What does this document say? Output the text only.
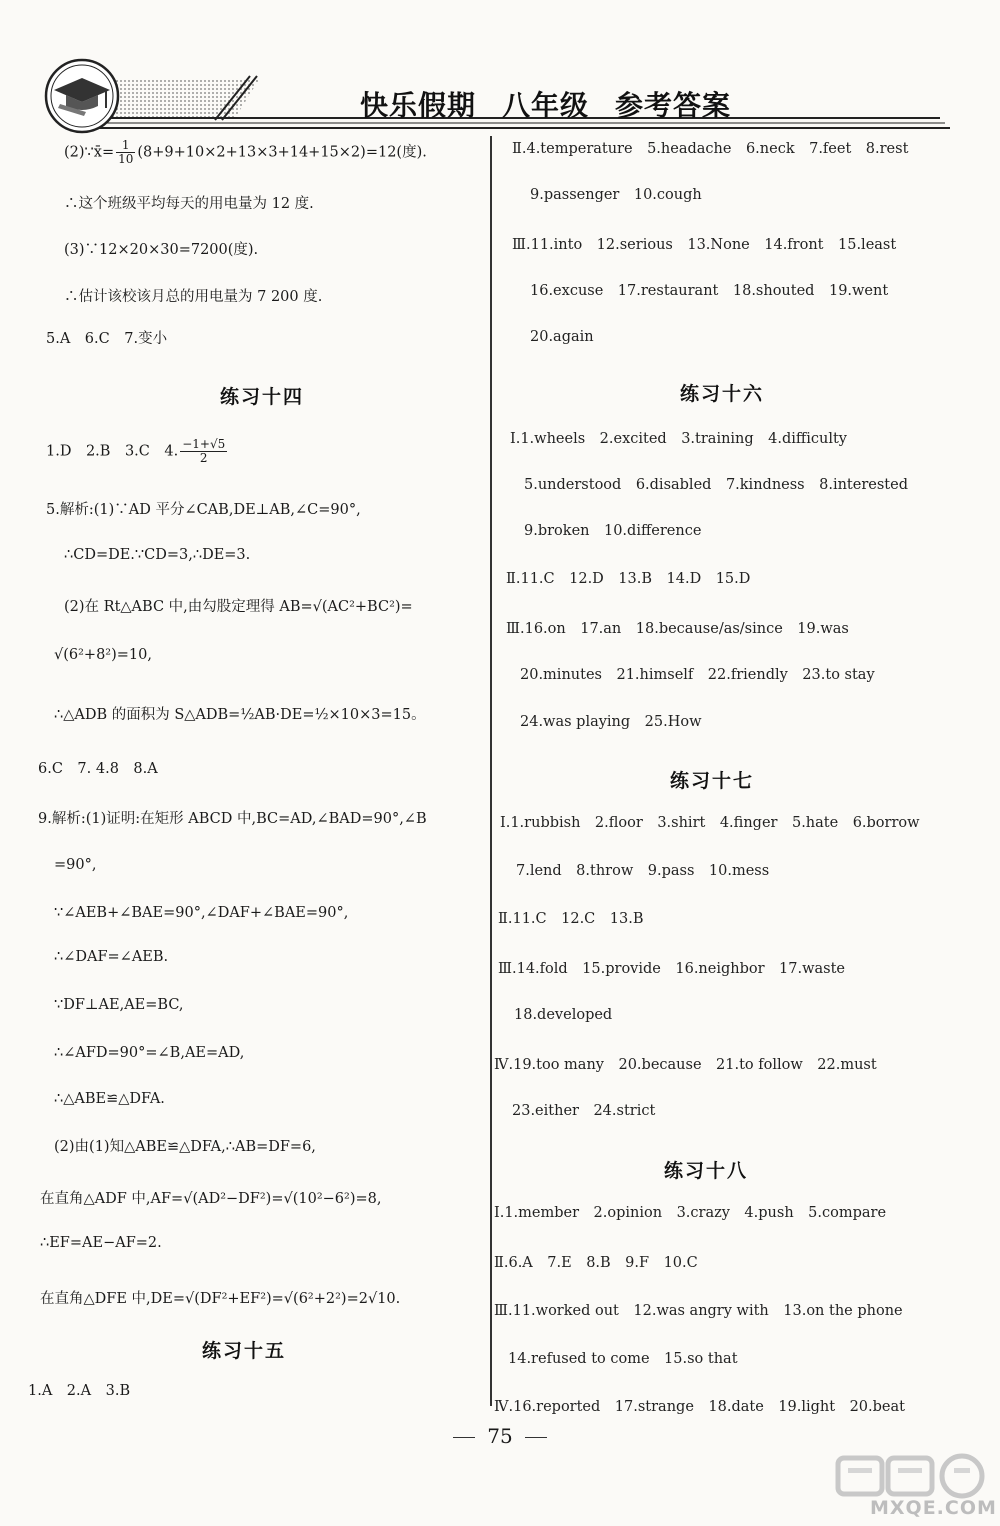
快乐假期 八年级 参考答案
(2)∵x̄= $\frac{1}{10} (8+9+10\times 2+13\times 3+14+15\times 2)=12$(度).
∴这个班级平均每天的用电量为 12 度.
(3)∵12×20×30=7200(度).
∴估计该校该月总的用电量为 7 200 度.
5.A　6.C　7.变小
练习十四
1.D　2.B　3.C　4. $\frac{-1+√5}{2}$
5.解析:(1)∵AD 平分∠CAB,DE⊥AB,∠C=90°,
∴CD=DE.∵CD=3,∴DE=3.
(2)在 Rt△ABC 中,由勾股定理得 AB=√(AC²+BC²)=
√(6²+8²)=10,
∴△ADB 的面积为 S△ADB=½AB·DE=½×10×3=15。
6.C　7. 4.8　8.A
9.解析:(1)证明:在矩形 ABCD 中,BC=AD,∠BAD=90°,∠B
=90°,
∵∠AEB+∠BAE=90°,∠DAF+∠BAE=90°,
∴∠DAF=∠AEB.
∵DF⊥AE,AE=BC,
∴∠AFD=90°=∠B,AE=AD,
∴△ABE≌△DFA.
(2)由(1)知△ABE≌△DFA,∴AB=DF=6,
在直角△ADF 中,AF=√(AD²−DF²)=√(10²−6²)=8,
∴EF=AE−AF=2.
在直角△DFE 中,DE=√(DF²+EF²)=√(6²+2²)=2√10.
练习十五
1.A　2.A　3.B
Ⅱ.4.temperature　5.headache　6.neck　7.feet　8.rest
9.passenger　10.cough
Ⅲ.11.into　12.serious　13.None　14.front　15.least
16.excuse　17.restaurant　18.shouted　19.went
20.again
练习十六
Ⅰ.1.wheels　2.excited　3.training　4.difficulty
5.understood　6.disabled　7.kindness　8.interested
9.broken　10.difference
Ⅱ.11.C　12.D　13.B　14.D　15.D
Ⅲ.16.on　17.an　18.because/as/since　19.was
20.minutes　21.himself　22.friendly　23.to stay
24.was playing　25.How
练习十七
Ⅰ.1.rubbish　2.floor　3.shirt　4.finger　5.hate　6.borrow
7.lend　8.throw　9.pass　10.mess
Ⅱ.11.C　12.C　13.B
Ⅲ.14.fold　15.provide　16.neighbor　17.waste
18.developed
Ⅳ.19.too many　20.because　21.to follow　22.must
23.either　24.strict
练习十八
Ⅰ.1.member　2.opinion　3.crazy　4.push　5.compare
Ⅱ.6.A　7.E　8.B　9.F　10.C
Ⅲ.11.worked out　12.was angry with　13.on the phone
14.refused to come　15.so that
Ⅳ.16.reported　17.strange　18.date　19.light　20.beat
75
MXQE.COM
